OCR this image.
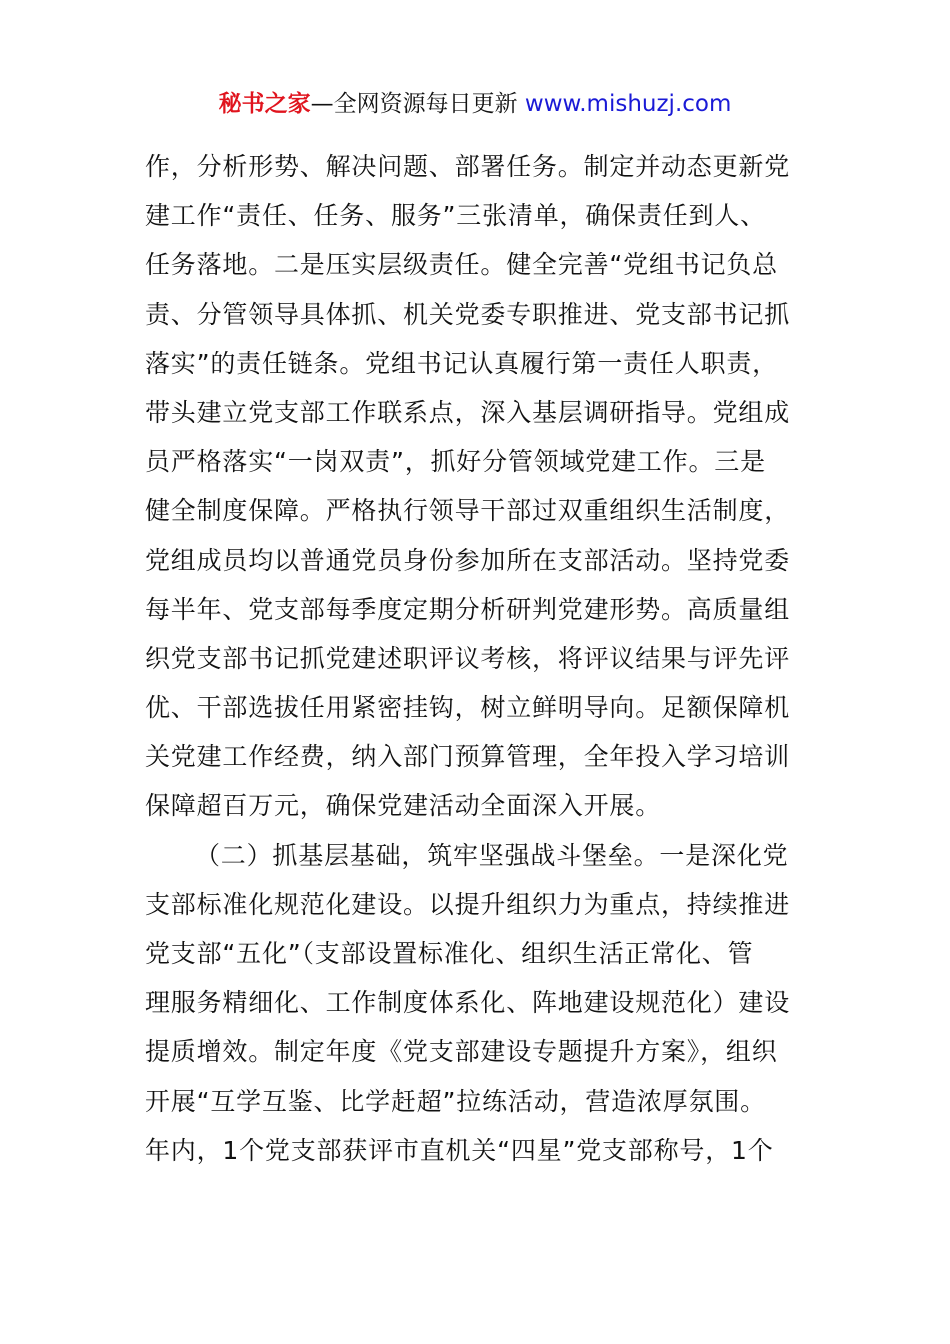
秘书之家—全网资源每日更新 www.mishuzj.com
作，分析形势、解决问题、部署任务。制定并动态更新党
建工作“责任、任务、服务”三张清单，确保责任到人、
任务落地。二是压实层级责任。健全完善“党组书记负总
责、分管领导具体抓、机关党委专职推进、党支部书记抓
落实”的责任链条。党组书记认真履行第一责任人职责，
带头建立党支部工作联系点，深入基层调研指导。党组成
员严格落实“一岗双责”，抓好分管领域党建工作。三是
健全制度保障。严格执行领导干部过双重组织生活制度，
党组成员均以普通党员身份参加所在支部活动。坚持党委
每半年、党支部每季度定期分析研判党建形势。高质量组
织党支部书记抓党建述职评议考核，将评议结果与评先评
优、干部选拔任用紧密挂钩，树立鲜明导向。足额保障机
关党建工作经费，纳入部门预算管理，全年投入学习培训
保障超百万元，确保党建活动全面深入开展。
（二）抓基层基础，筑牢坚强战斗堡垒。一是深化党
支部标准化规范化建设。以提升组织力为重点，持续推进
党支部“五化”（支部设置标准化、组织生活正常化、管
理服务精细化、工作制度体系化、阵地建设规范化）建设
提质增效。制定年度《党支部建设专题提升方案》，组织
开展“互学互鉴、比学赶超”拉练活动，营造浓厚氛围。
年内，1个党支部获评市直机关“四星”党支部称号，1个
